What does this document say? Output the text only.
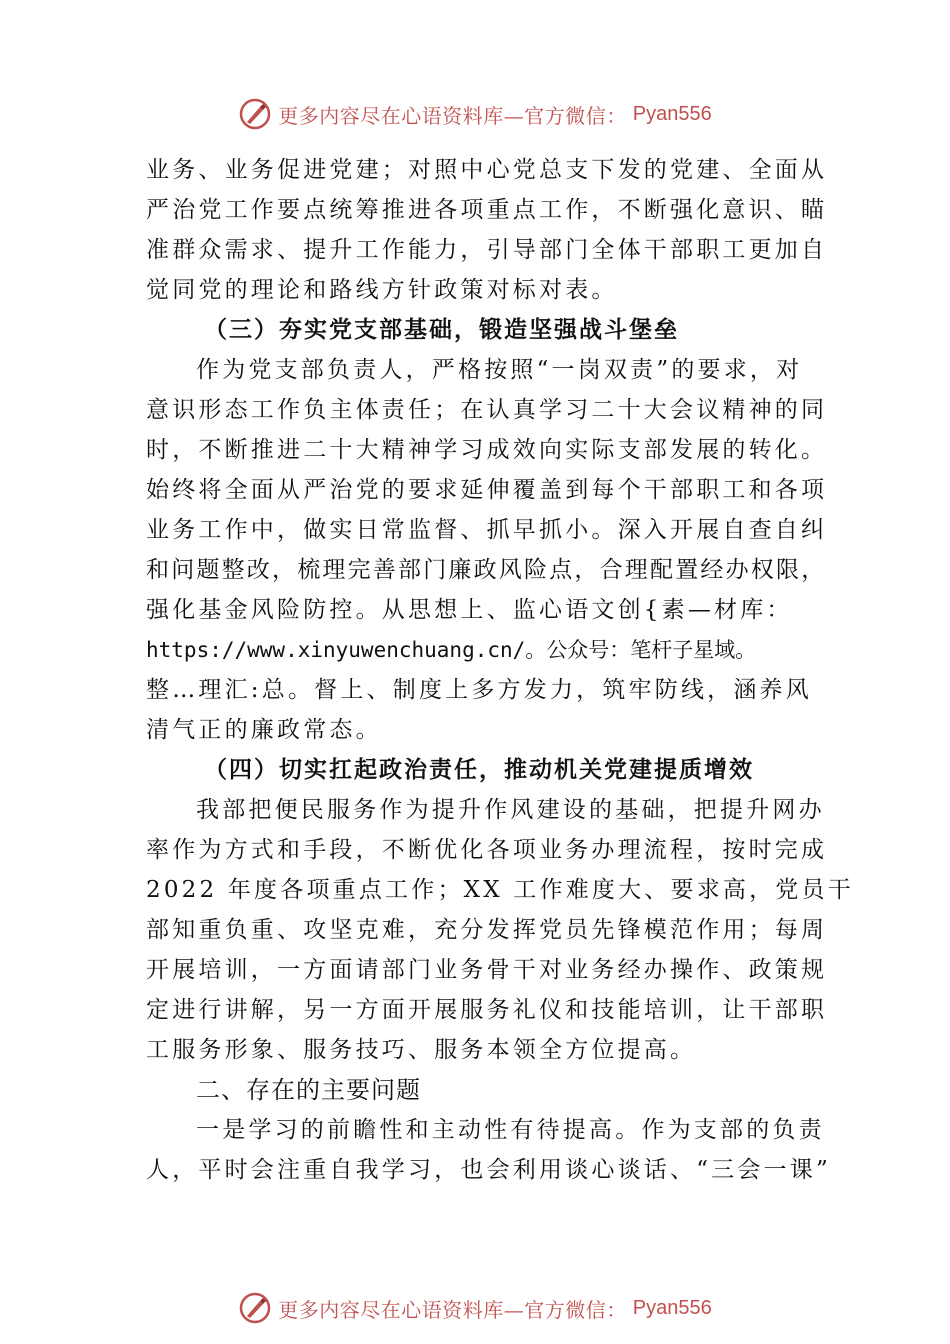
更多内容尽在心语资料库—官方微信： Pyan556
业务、业务促进党建；对照中心党总支下发的党建、全面从
严治党工作要点统筹推进各项重点工作，不断强化意识、瞄
准群众需求、提升工作能力，引导部门全体干部职工更加自
觉同党的理论和路线方针政策对标对表。
（三）夯实党支部基础，锻造坚强战斗堡垒
作为党支部负责人，严格按照“一岗双责”的要求，对
意识形态工作负主体责任；在认真学习二十大会议精神的同
时，不断推进二十大精神学习成效向实际支部发展的转化。
始终将全面从严治党的要求延伸覆盖到每个干部职工和各项
业务工作中，做实日常监督、抓早抓小。深入开展自查自纠
和问题整改，梳理完善部门廉政风险点，合理配置经办权限，
强化基金风险防控。从思想上、监心语文创{素—材库：
https://www.xinyuwenchuang.cn/。公众号：笔杆子星域。
整…理汇:总。督上、制度上多方发力，筑牢防线，涵养风
清气正的廉政常态。
（四）切实扛起政治责任，推动机关党建提质增效
我部把便民服务作为提升作风建设的基础，把提升网办
率作为方式和手段，不断优化各项业务办理流程，按时完成
2022 年度各项重点工作；XX 工作难度大、要求高，党员干
部知重负重、攻坚克难，充分发挥党员先锋模范作用；每周
开展培训，一方面请部门业务骨干对业务经办操作、政策规
定进行讲解，另一方面开展服务礼仪和技能培训，让干部职
工服务形象、服务技巧、服务本领全方位提高。
二、存在的主要问题
一是学习的前瞻性和主动性有待提高。作为支部的负责
人，平时会注重自我学习，也会利用谈心谈话、“三会一课”
更多内容尽在心语资料库—官方微信： Pyan556
